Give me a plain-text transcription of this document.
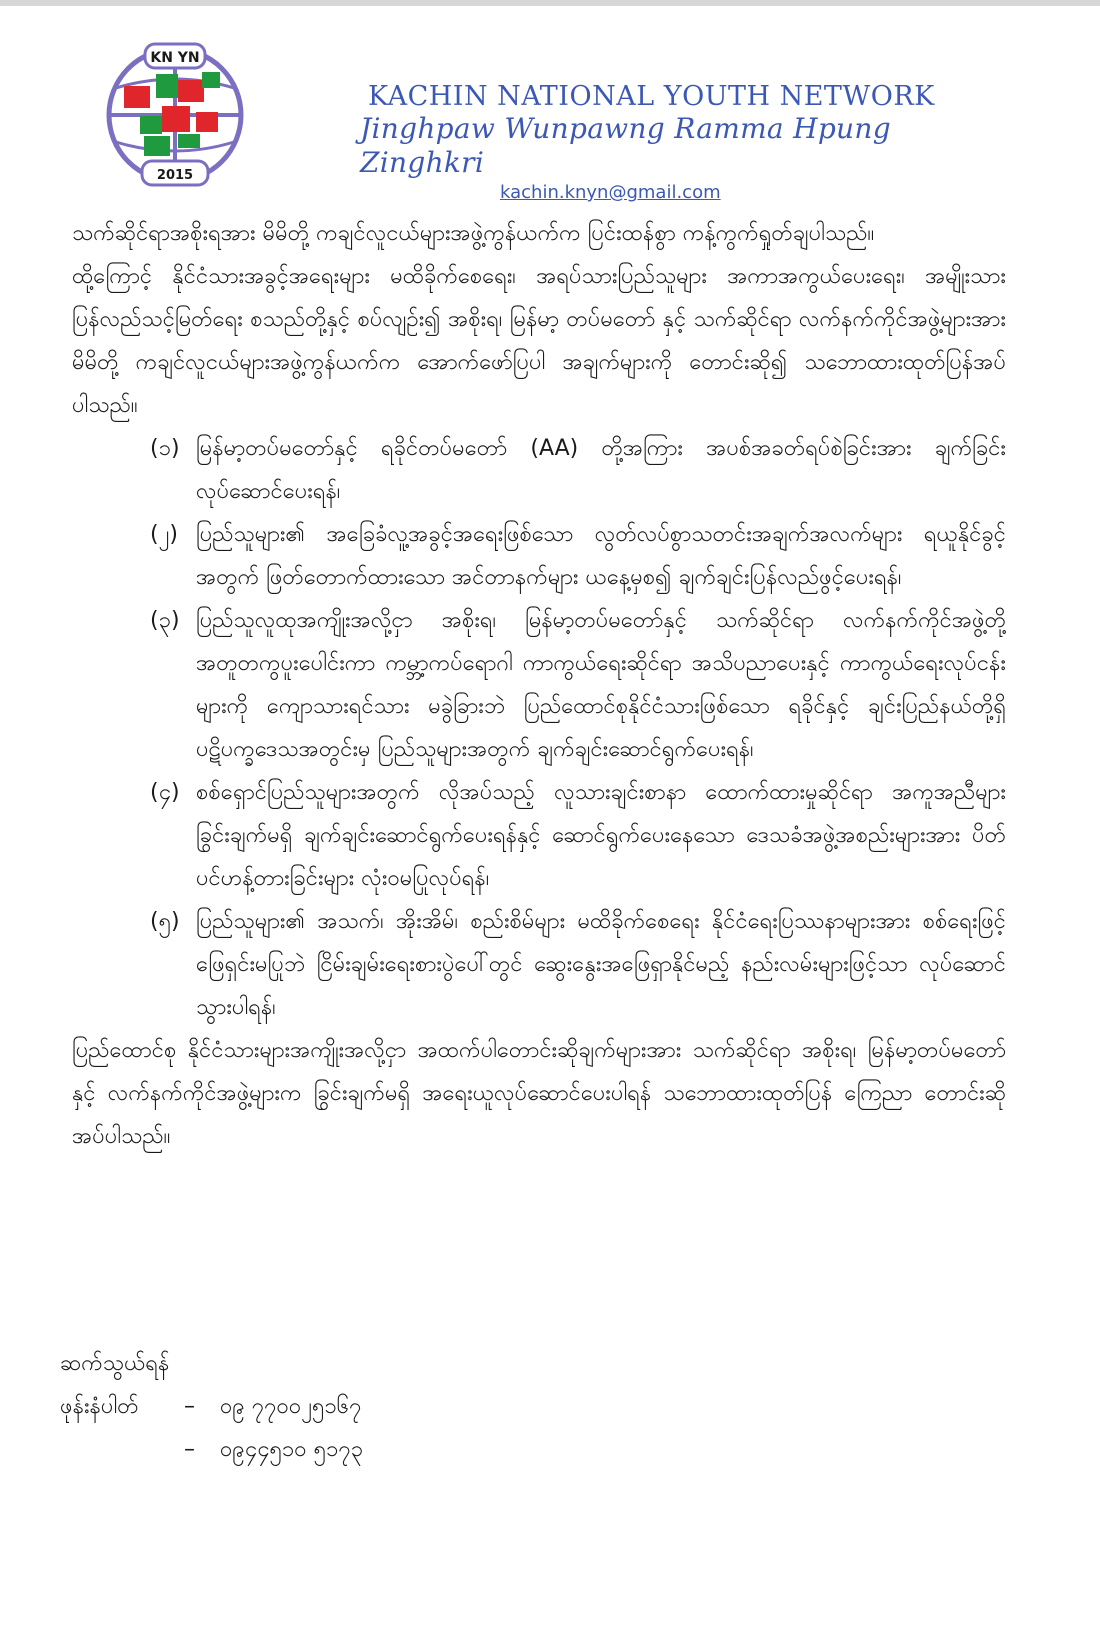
KN YN
2015
KACHIN NATIONAL YOUTH NETWORK
Jinghpaw Wunpawng Ramma Hpung Zinghkri
kachin.knyn@gmail.com

သက်ဆိုင်ရာအစိုးရအား မိမိတို့ ကချင်လူငယ်များအဖွဲ့ကွန်ယက်က ပြင်းထန်စွာ ကန့်ကွက်ရှုတ်ချပါသည်။

ထို့ကြောင့် နိုင်ငံသားအခွင့်အရေးများ မထိခိုက်စေရေး၊ အရပ်သားပြည်သူများ အကာအကွယ်ပေးရေး၊ အမျိုးသားပြန်လည်သင့်မြတ်ရေး စသည်တို့နှင့် စပ်လျဉ်း၍ အစိုးရ၊ မြန်မာ့ တပ်မတော် နှင့် သက်ဆိုင်ရာ လက်နက်ကိုင်အဖွဲ့များအား မိမိတို့ ကချင်လူငယ်များအဖွဲ့ကွန်ယက်က အောက်ဖော်ပြပါ အချက်များကို တောင်းဆို၍ သဘောထားထုတ်ပြန်အပ်ပါသည်။

(၁) မြန်မာ့တပ်မတော်နှင့် ရခိုင်တပ်မတော် (AA) တို့အကြား အပစ်အခတ်ရပ်စဲခြင်းအား ချက်ခြင်း လုပ်ဆောင်ပေးရန်၊
(၂) ပြည်သူများ၏ အခြေခံလူ့အခွင့်အရေးဖြစ်သော လွတ်လပ်စွာသတင်းအချက်အလက်များ ရယူနိုင်ခွင့်အတွက် ဖြတ်တောက်ထားသော အင်တာနက်များ ယနေ့မှစ၍ ချက်ချင်းပြန်လည်ဖွင့်ပေးရန်၊
(၃) ပြည်သူလူထုအကျိုးအလို့ငှာ အစိုးရ၊ မြန်မာ့တပ်မတော်နှင့် သက်ဆိုင်ရာ လက်နက်ကိုင်အဖွဲ့တို့ အတူတကွပူးပေါင်းကာ ကမ္ဘာ့ကပ်ရောဂါ ကာကွယ်ရေးဆိုင်ရာ အသိပညာပေးနှင့် ကာကွယ်ရေးလုပ်ငန်းများကို ကျောသားရင်သား မခွဲခြားဘဲ ပြည်ထောင်စုနိုင်ငံသားဖြစ်သော ရခိုင်နှင့် ချင်းပြည်နယ်တို့ရှိ ပဋိပက္ခဒေသအတွင်းမှ ပြည်သူများအတွက် ချက်ချင်းဆောင်ရွက်ပေးရန်၊
(၄) စစ်ရှောင်ပြည်သူများအတွက် လိုအပ်သည့် လူသားချင်းစာနာ ထောက်ထားမှုဆိုင်ရာ အကူအညီများ ခြွင်းချက်မရှိ ချက်ချင်းဆောင်ရွက်ပေးရန်နှင့် ဆောင်ရွက်ပေးနေသော ဒေသခံအဖွဲ့အစည်းများအား ပိတ်ပင်ဟန့်တားခြင်းများ လုံးဝမပြုလုပ်ရန်၊
(၅) ပြည်သူများ၏ အသက်၊ အိုးအိမ်၊ စည်းစိမ်များ မထိခိုက်စေရေး နိုင်ငံရေးပြဿနာများအား စစ်ရေးဖြင့် ဖြေရှင်းမပြုဘဲ ငြိမ်းချမ်းရေးစားပွဲပေါ်တွင် ဆွေးနွေးအဖြေရှာနိုင်မည့် နည်းလမ်းများဖြင့်သာ လုပ်ဆောင်သွားပါရန်၊

ပြည်ထောင်စု နိုင်ငံသားများအကျိုးအလို့ငှာ အထက်ပါတောင်းဆိုချက်များအား သက်ဆိုင်ရာ အစိုးရ၊ မြန်မာ့တပ်မတော်နှင့် လက်နက်ကိုင်အဖွဲ့များက ခြွင်းချက်မရှိ အရေးယူလုပ်ဆောင်ပေးပါရန် သဘောထားထုတ်ပြန် ကြေညာ တောင်းဆိုအပ်ပါသည်။

ဆက်သွယ်ရန်
ဖုန်းနံပါတ် – ၀၉ ၇၇၀၀၂၅၁၆၇
– ၀၉၄၄၅၁၀ ၅၁၇၃
